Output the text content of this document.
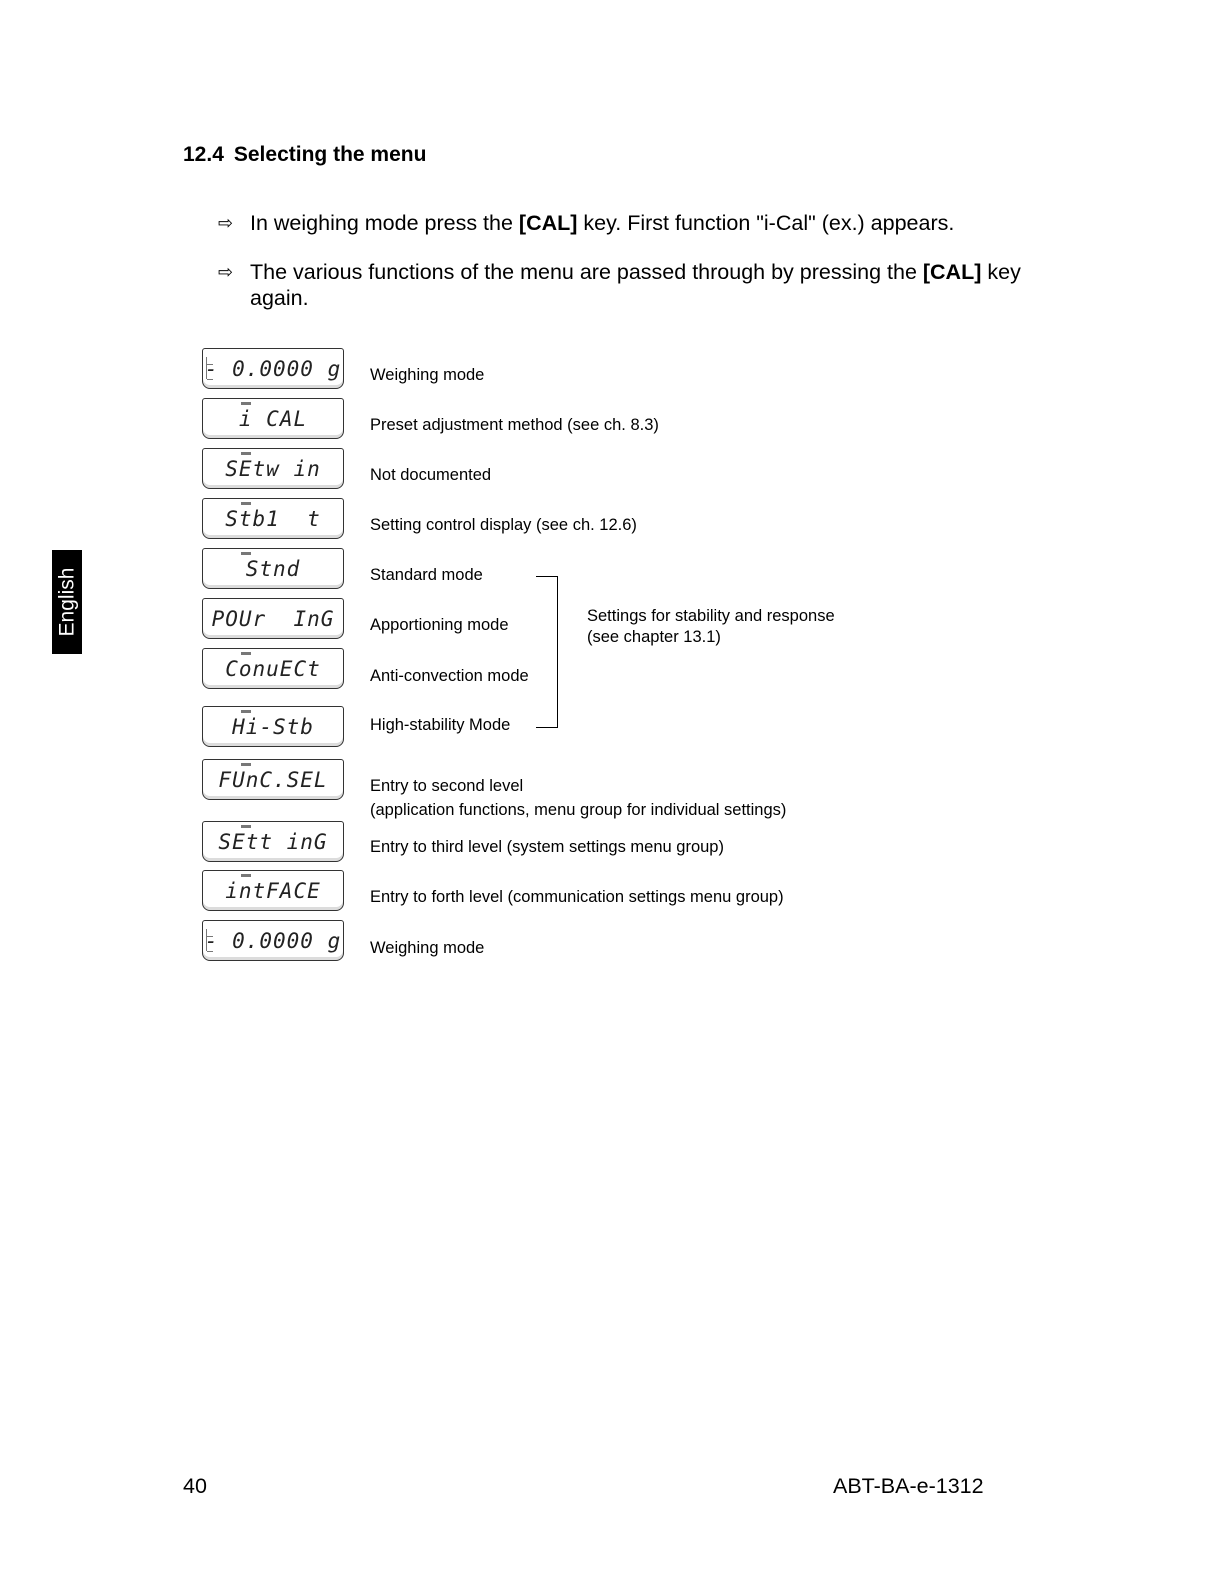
English
12.4 Selecting the menu
⇨ In weighing mode press the [CAL] key. First function "i-Cal" (ex.) appears.
⇨ The various functions of the menu are passed through by pressing the [CAL] key again.
- 0.0000 g
i CAL
SEtw in
Stb1  t
Stnd
POUr  InG
ConuECt
Hi-Stb
FUnC.SEL
SEtt inG
intFACE
- 0.0000 g
Weighing mode
Preset adjustment method (see ch. 8.3)
Not documented
Setting control display (see ch. 12.6)
Standard mode
Apportioning mode
Anti-convection mode
High-stability Mode
Entry to second level
(application functions, menu group for individual settings)
Entry to third level (system settings menu group)
Entry to forth level (communication settings menu group)
Weighing mode
Settings for stability and response
(see chapter 13.1)
40	ABT-BA-e-1312
